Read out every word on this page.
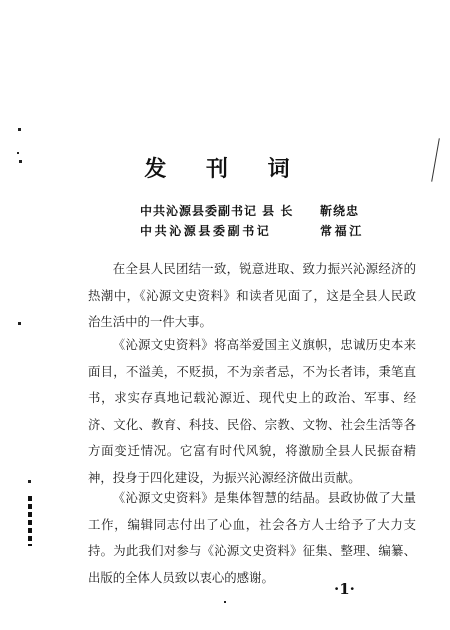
发 刊 词
中共沁源县委副书记 县 长 靳绕忠
中共沁源县委副书记	常福江

在全县人民团结一致，锐意进取、致力振兴沁源经济的热潮中，《沁源文史资料》和读者见面了，这是全县人民政治生活中的一件大事。

《沁源文史资料》将高举爱国主义旗帜，忠诚历史本来面目，不溢美，不贬损，不为亲者忌，不为长者讳，秉笔直书，求实存真地记载沁源近、现代史上的政治、军事、经济、文化、教育、科技、民俗、宗教、文物、社会生活等各方面变迁情况。它富有时代风貌，将激励全县人民振奋精神，投身于四化建设，为振兴沁源经济做出贡献。

《沁源文史资料》是集体智慧的结晶。县政协做了大量工作，编辑同志付出了心血，社会各方人士给予了大力支持。为此我们对参与《沁源文史资料》征集、整理、编纂、出版的全体人员致以衷心的感谢。

·1·
